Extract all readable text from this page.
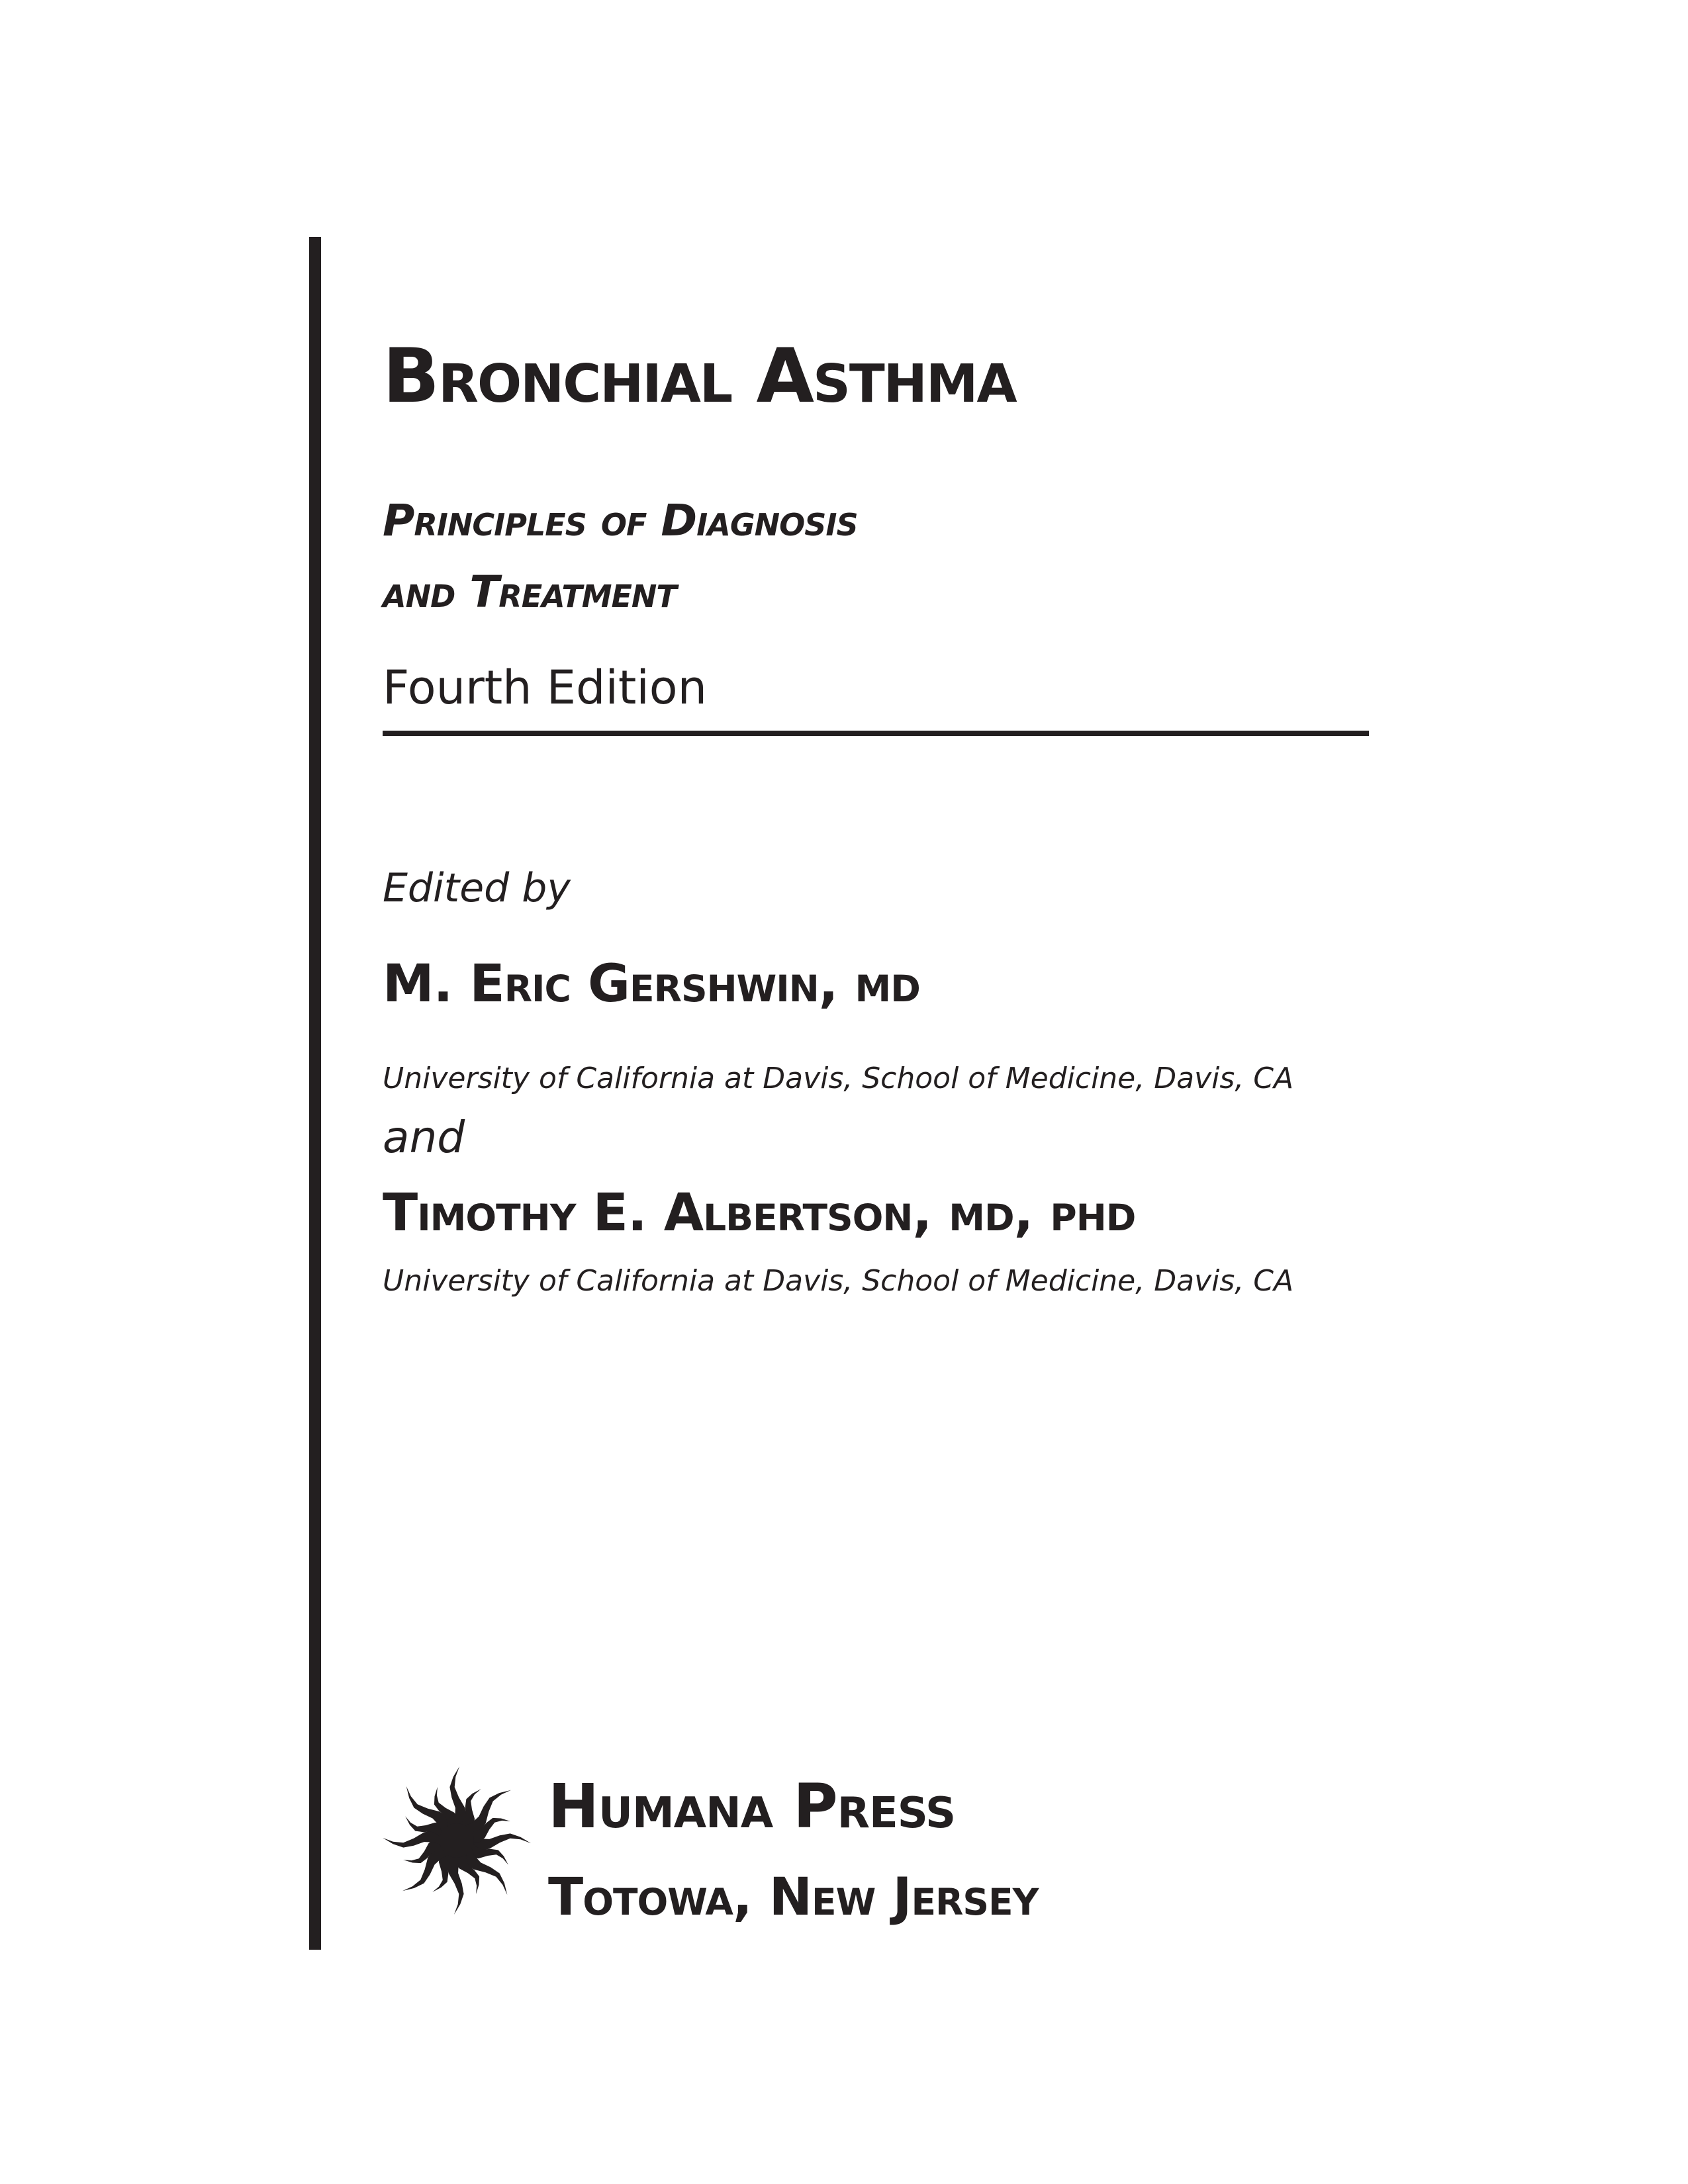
Bronchial Asthma
Principles of Diagnosis
and Treatment
Fourth Edition
Edited by
M. Eric Gershwin, md
University of California at Davis, School of Medicine, Davis, CA
and
Timothy E. Albertson, md, phd
University of California at Davis, School of Medicine, Davis, CA
Humana Press
Totowa, New Jersey
